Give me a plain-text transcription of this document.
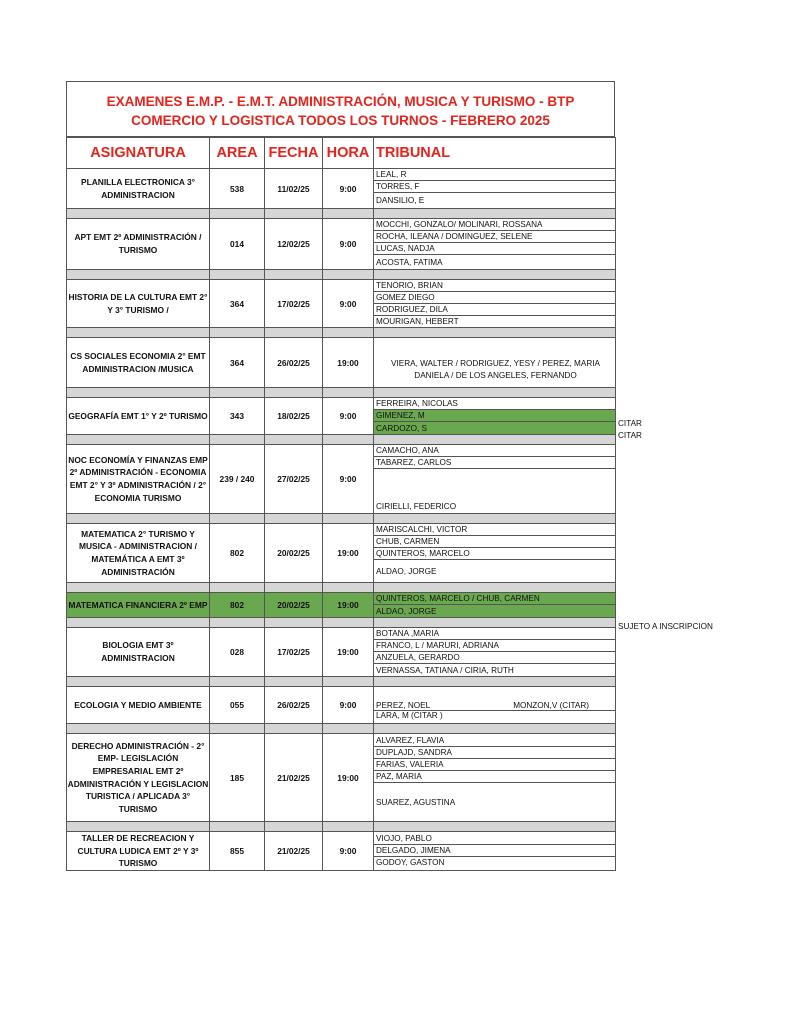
EXAMENES E.M.P. - E.M.T. ADMINISTRACIÓN, MUSICA Y TURISMO - BTP
COMERCIO Y LOGISTICA TODOS LOS TURNOS - FEBRERO 2025
ASIGNATURA	AREA	FECHA	HORA	TRIBUNAL
PLANILLA ELECTRONICA 3° ADMINISTRACION	538	11/02/25	9:00	LEAL, R
TORRES, F
DANSILIO, E

APT EMT 2º ADMINISTRACIÓN / TURISMO	014	12/02/25	9:00	MOCCHI, GONZALO/ MOLINARI, ROSSANA
ROCHA, ILEANA / DOMINGUEZ, SELENE
LUCAS, NADJA
ACOSTA, FATIMA

HISTORIA DE LA CULTURA EMT 2° Y 3° TURISMO /	364	17/02/25	9:00	TENORIO, BRIAN
GOMEZ DIEGO
RODRIGUEZ, DILA
MOURIGAN, HEBERT

CS SOCIALES ECONOMIA 2° EMT ADMINISTRACION /MUSICA	364	26/02/25	19:00	VIERA, WALTER / RODRIGUEZ, YESY / PEREZ, MARIA DANIELA / DE LOS ANGELES, FERNANDO

GEOGRAFÍA EMT 1° Y 2º TURISMO	343	18/02/25	9:00	FERREIRA, NICOLAS
GIMENEZ, M
CARDOZO, S

NOC ECONOMÍA Y FINANZAS EMP 2º ADMINISTRACIÓN - ECONOMIA EMT 2° Y 3º ADMINISTRACIÓN / 2° ECONOMIA TURISMO	239 / 240	27/02/25	9:00	CAMACHO, ANA
TABAREZ, CARLOS
CIRIELLI, FEDERICO

MATEMATICA 2° TURISMO Y MUSICA - ADMINISTRACION / MATEMÁTICA A EMT 3º ADMINISTRACIÓN	802	20/02/25	19:00	MARISCALCHI, VICTOR
CHUB, CARMEN
QUINTEROS, MARCELO
ALDAO, JORGE

MATEMATICA FINANCIERA 2º EMP	802	20/02/25	19:00	QUINTEROS, MARCELO / CHUB, CARMEN
ALDAO, JORGE

BIOLOGIA EMT 3º ADMINISTRACION	028	17/02/25	19:00	BOTANA ,MARIA
FRANCO, L / MARURI, ADRIANA
ANZUELA, GERARDO
VERNASSA, TATIANA / CIRIA, RUTH

ECOLOGIA Y MEDIO AMBIENTE	055	26/02/25	9:00	PEREZ, NOEL MONZON,V (CITAR)
LARA, M (CITAR )

DERECHO ADMINISTRACIÓN - 2° EMP- LEGISLACIÓN EMPRESARIAL EMT 2º ADMINISTRACIÓN Y LEGISLACION TURISTICA / APLICADA 3° TURISMO	185	21/02/25	19:00	ALVAREZ, FLAVIA
DUPLAJD, SANDRA
FARIAS, VALERIA
PAZ, MARIA
SUAREZ, AGUSTINA

TALLER DE RECREACION Y CULTURA LUDICA EMT 2º Y 3º TURISMO	855	21/02/25	9:00	VIOJO, PABLO
DELGADO, JIMENA
GODOY, GASTON
CITAR
CITAR
SUJETO A INSCRIPCION
